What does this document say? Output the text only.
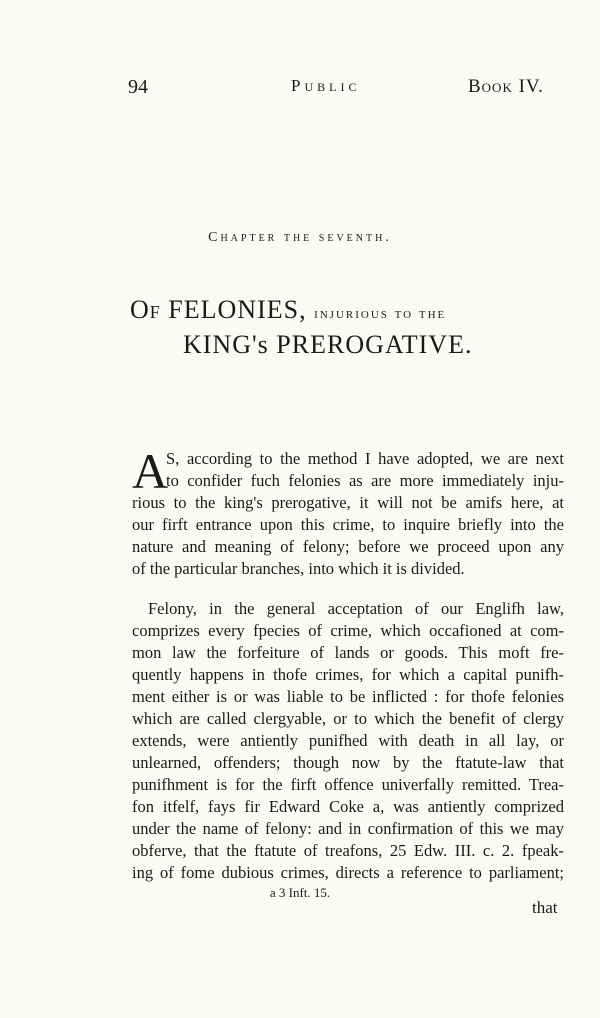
94	Public	Book IV.
Chapter the seventh.
Of FELONIES, injurious to the
KING's PREROGATIVE.
A
S, according to the method I have adopted, we are next
to confider fuch felonies as are more immediately inju-
rious to the king's prerogative, it will not be amifs here, at
our firft entrance upon this crime, to inquire briefly into the
nature and meaning of felony; before we proceed upon any
of the particular branches, into which it is divided.
Felony, in the general acceptation of our Englifh law,
comprizes every fpecies of crime, which occafioned at com-
mon law the forfeiture of lands or goods. This moft fre-
quently happens in thofe crimes, for which a capital punifh-
ment either is or was liable to be inflicted : for thofe felonies
which are called clergyable, or to which the benefit of clergy
extends, were antiently punifhed with death in all lay, or
unlearned, offenders; though now by the ftatute-law that
punifhment is for the firft offence univerfally remitted. Trea-
fon itfelf, fays fir Edward Coke a, was antiently comprized
under the name of felony: and in confirmation of this we may
obferve, that the ftatute of treafons, 25 Edw. III. c. 2. fpeak-
ing of fome dubious crimes, directs a reference to parliament;
a 3 Inft. 15.
that
